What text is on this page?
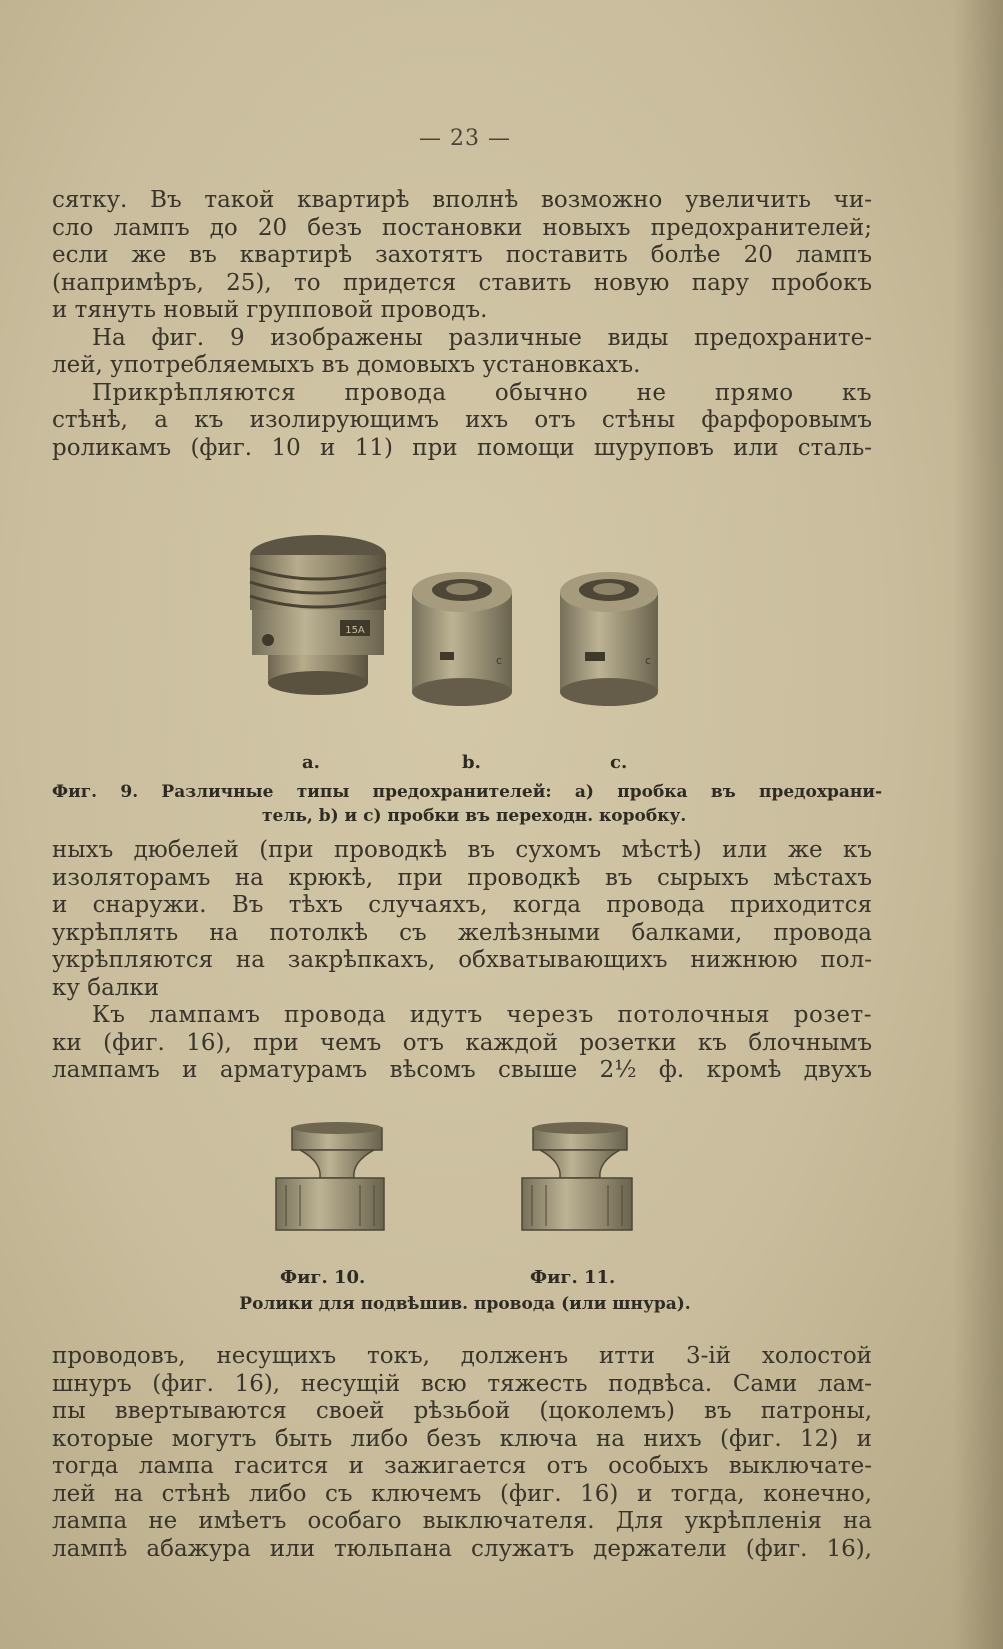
— 23 —
сятку. Въ такой квартирѣ вполнѣ возможно увеличить чи-
сло лампъ до 20 безъ постановки новыхъ предохранителей;
если же въ квартирѣ захотятъ поставить болѣе 20 лампъ
(напримѣръ, 25), то придется ставить новую пару пробокъ
и тянуть новый групповой проводъ.
На фиг. 9 изображены различные виды предохраните-
лей, употребляемыхъ въ домовыхъ установкахъ.
Прикрѣпляются провода обычно не прямо къ
стѣнѣ, а къ изолирующимъ ихъ отъ стѣны фарфоровымъ
роликамъ (фиг. 10 и 11) при помощи шуруповъ или сталь-
15A
c	c
a.	b.	c.
Фиг. 9. Различные типы предохранителей: а) пробка въ предохрани-
тель, b) и c) пробки въ переходн. коробку.
ныхъ дюбелей (при проводкѣ въ сухомъ мѣстѣ) или же къ
изоляторамъ на крюкѣ, при проводкѣ въ сырыхъ мѣстахъ
и снаружи. Въ тѣхъ случаяхъ, когда провода приходится
укрѣплять на потолкѣ съ желѣзными балками, провода
укрѣпляются на закрѣпкахъ, обхватывающихъ нижнюю пол-
ку балки
Къ лампамъ провода идутъ черезъ потолочныя розет-
ки (фиг. 16), при чемъ отъ каждой розетки къ блочнымъ
лампамъ и арматурамъ вѣсомъ свыше 2½ ф. кромѣ двухъ
Фиг. 10.	Фиг. 11.
Ролики для подвѣшив. провода (или шнура).
проводовъ, несущихъ токъ, долженъ итти 3-ій холостой
шнуръ (фиг. 16), несущій всю тяжесть подвѣса. Сами лам-
пы ввертываются своей рѣзьбой (цоколемъ) въ патроны,
которые могутъ быть либо безъ ключа на нихъ (фиг. 12) и
тогда лампа гасится и зажигается отъ особыхъ выключате-
лей на стѣнѣ либо съ ключемъ (фиг. 16) и тогда, конечно,
лампа не имѣетъ особаго выключателя. Для укрѣпленія на
лампѣ абажура или тюльпана служатъ держатели (фиг. 16),
